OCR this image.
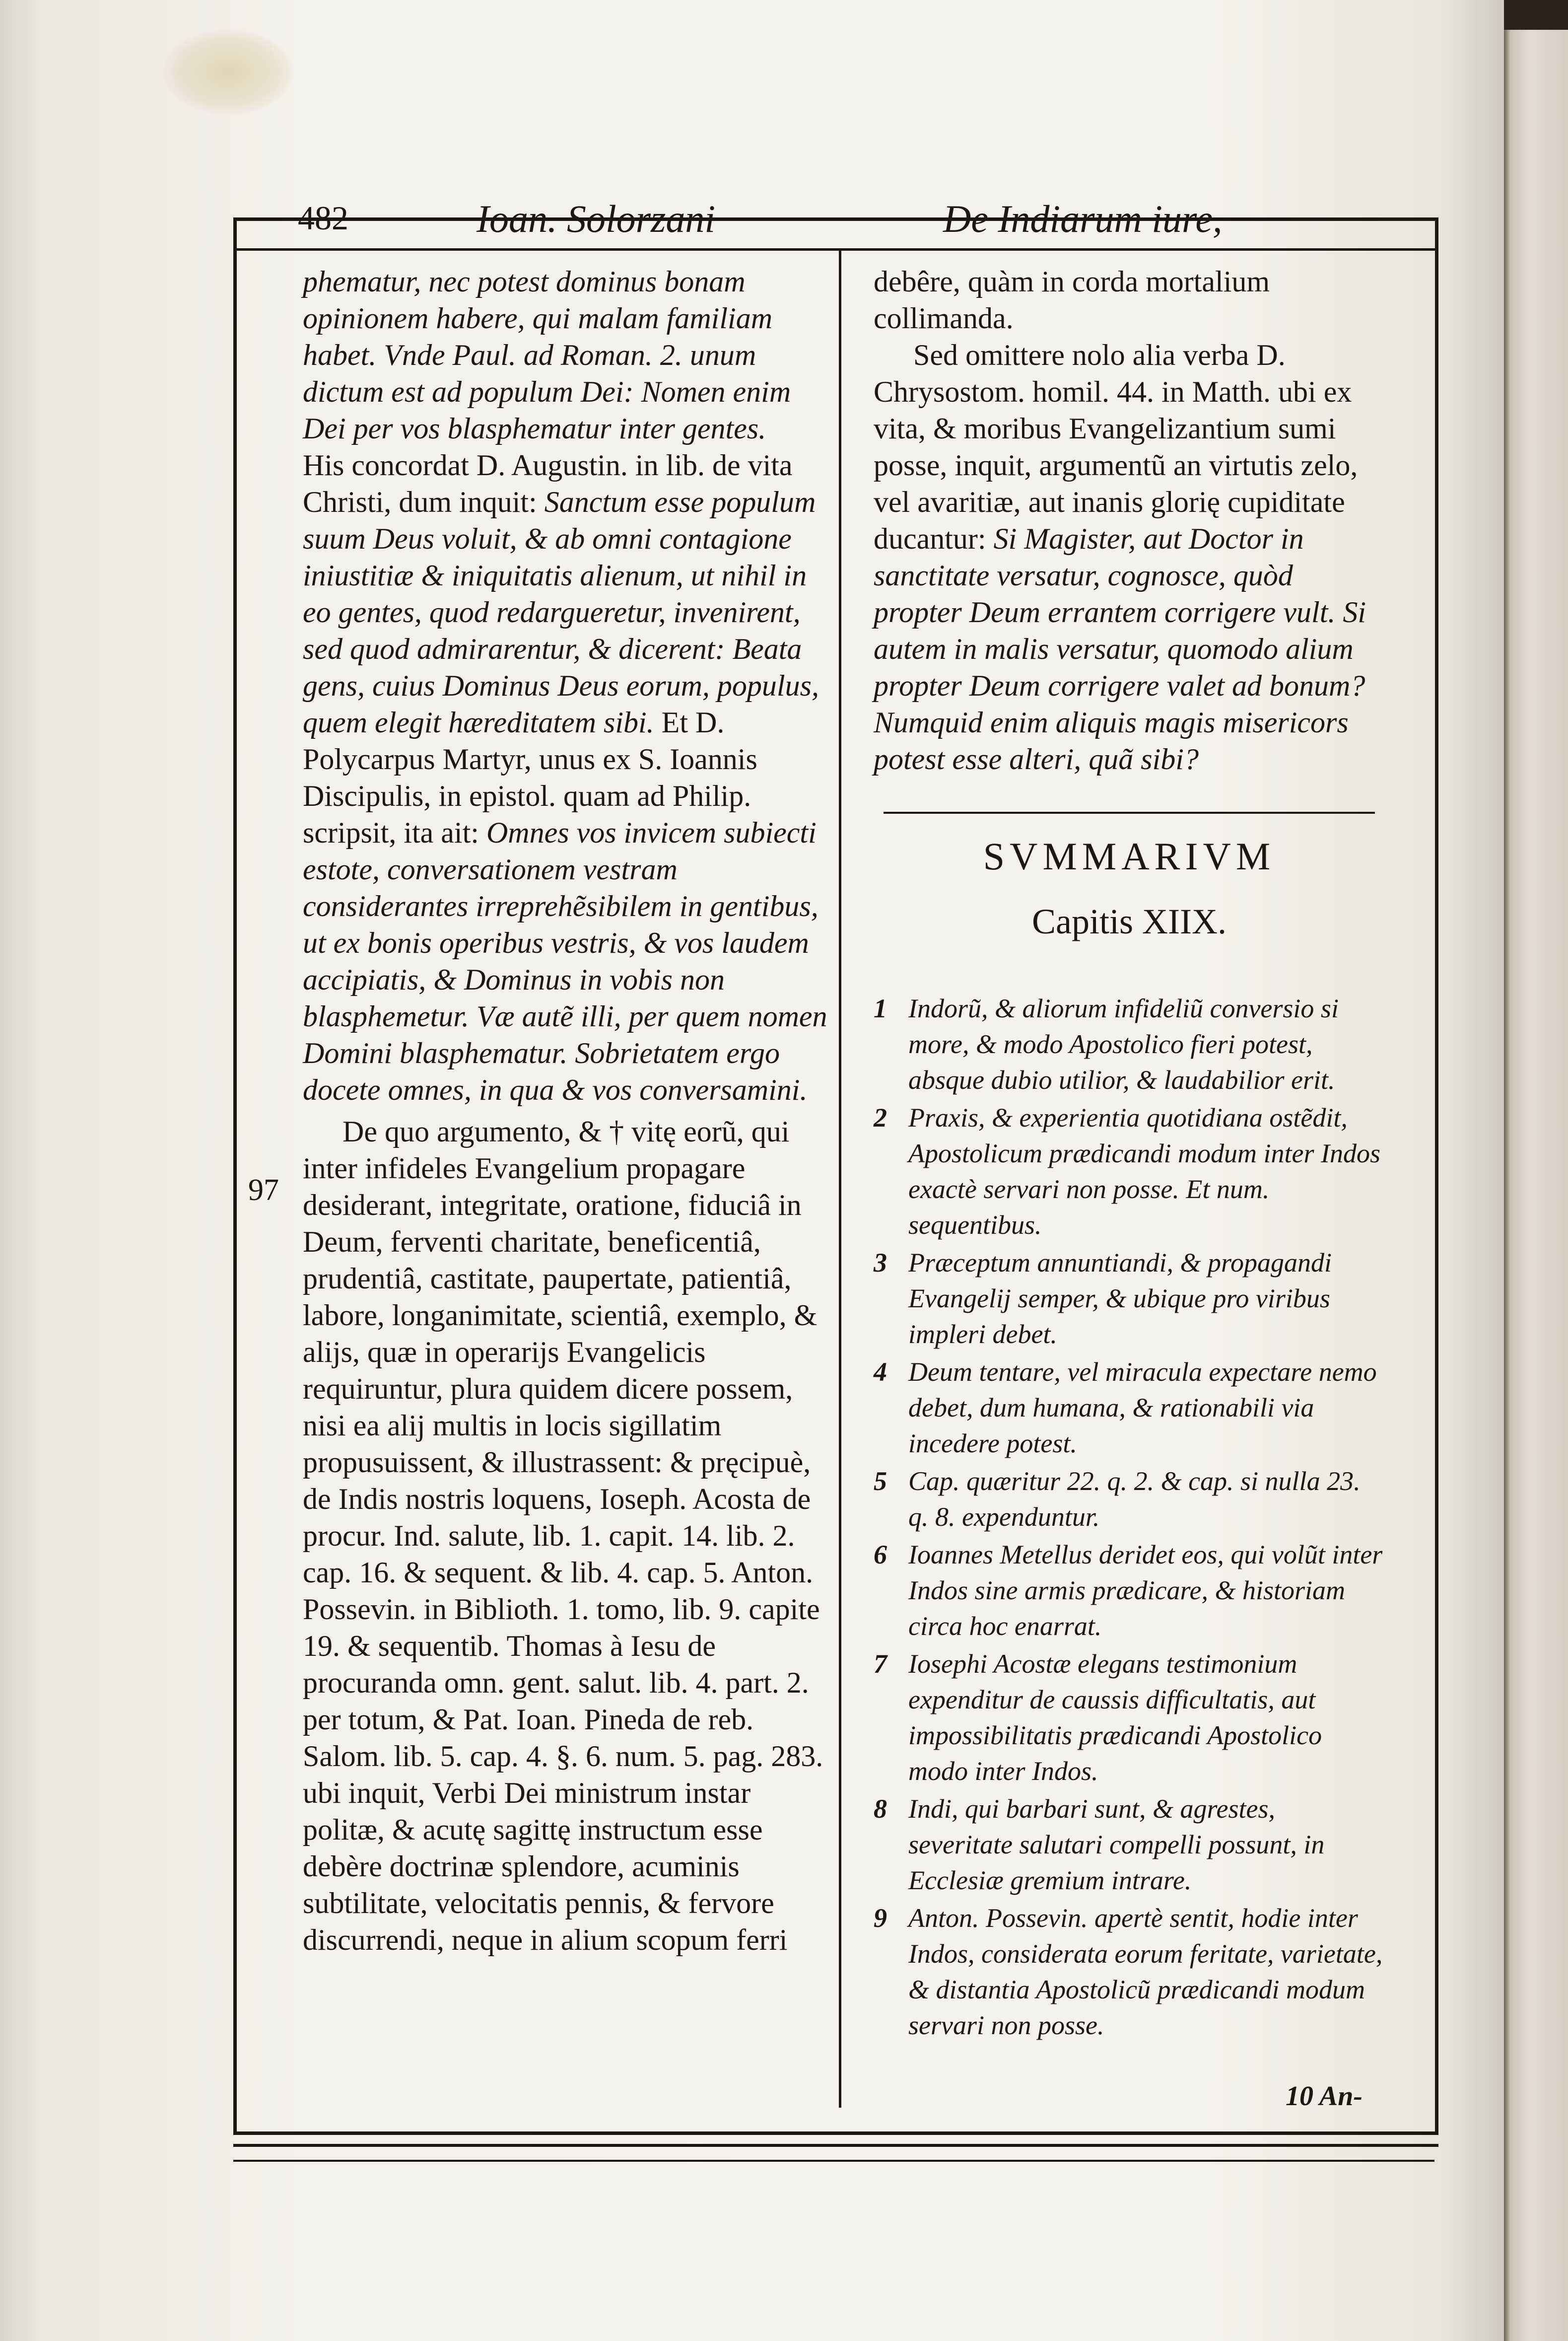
482	Ioan. Solorzani	De Indiarum iure,

phematur, nec potest dominus bonam opinionem habere, qui malam familiam habet. Vnde Paul. ad Roman. 2. unum dictum est ad populum Dei: Nomen enim Dei per vos blasphematur inter gentes.

His concordat D. Augustin. in lib. de vita Christi, dum inquit: Sanctum esse populum suum Deus voluit, & ab omni contagione iniustitiæ & iniquitatis alienum, ut nihil in eo gentes, quod redargueretur, invenirent, sed quod admirarentur, & dicerent: Beata gens, cuius Dominus Deus eorum, populus, quem elegit hæreditatem sibi. Et D. Polycarpus Martyr, unus ex S. Ioannis Discipulis, in epistol. quam ad Philip. scripsit, ita ait: Omnes vos invicem subiecti estote, conversationem vestram considerantes irreprehẽsibilem in gentibus, ut ex bonis operibus vestris, & vos laudem accipiatis, & Dominus in vobis non blasphemetur. Væ autẽ illi, per quem nomen Domini blasphematur. Sobrietatem ergo docete omnes, in qua & vos conversamini.

De quo argumento, & † vitę eorũ, qui inter infideles Evangelium propagare desiderant, integritate, oratione, fiduciâ in Deum, ferventi charitate, beneficentiâ, prudentiâ, castitate, paupertate, patientiâ, labore, longanimitate, scientiâ, exemplo, & alijs, quæ in operarijs Evangelicis requiruntur, plura quidem dicere possem, nisi ea alij multis in locis sigillatim propusuissent, & illustrassent: & pręcipuè, de Indis nostris loquens, Ioseph. Acosta de procur. Ind. salute, lib. 1. capit. 14. lib. 2. cap. 16. & sequent. & lib. 4. cap. 5. Anton. Possevin. in Biblioth. 1. tomo, lib. 9. capite 19. & sequentib. Thomas à Iesu de procuranda omn. gent. salut. lib. 4. part. 2. per totum, & Pat. Ioan. Pineda de reb. Salom. lib. 5. cap. 4. §. 6. num. 5. pag. 283. ubi inquit, Verbi Dei ministrum instar politæ, & acutę sagittę instructum esse debère doctrinæ splendore, acuminis subtilitate, velocitatis pennis, & fervore discurrendi, neque in alium scopum ferri

97

debêre, quàm in corda mortalium collimanda.

Sed omittere nolo alia verba D. Chrysostom. homil. 44. in Matth. ubi ex vita, & moribus Evangelizantium sumi posse, inquit, argumentũ an virtutis zelo, vel avaritiæ, aut inanis glorię cupiditate ducantur: Si Magister, aut Doctor in sanctitate versatur, cognosce, quòd propter Deum errantem corrigere vult. Si autem in malis versatur, quomodo alium propter Deum corrigere valet ad bonum? Numquid enim aliquis magis misericors potest esse alteri, quã sibi?

SVMMARIVM
Capitis XIIX.
1 Indorũ, & aliorum infideliũ conversio si more, & modo Apostolico fieri potest, absque dubio utilior, & laudabilior erit.
2 Praxis, & experientia quotidiana ostẽdit, Apostolicum prædicandi modum inter Indos exactè servari non posse. Et num. sequentibus.
3 Præceptum annuntiandi, & propagandi Evangelij semper, & ubique pro viribus impleri debet.
4 Deum tentare, vel miracula expectare nemo debet, dum humana, & rationabili via incedere potest.
5 Cap. quæritur 22. q. 2. & cap. si nulla 23. q. 8. expenduntur.
6 Ioannes Metellus deridet eos, qui volũt inter Indos sine armis prædicare, & historiam circa hoc enarrat.
7 Iosephi Acostæ elegans testimonium expenditur de caussis difficultatis, aut impossibilitatis prædicandi Apostolico modo inter Indos.
8 Indi, qui barbari sunt, & agrestes, severitate salutari compelli possunt, in Ecclesiæ gremium intrare.
9 Anton. Possevin. apertè sentit, hodie inter Indos, considerata eorum feritate, varietate, & distantia Apostolicũ prædicandi modum servari non posse.
10 An-
